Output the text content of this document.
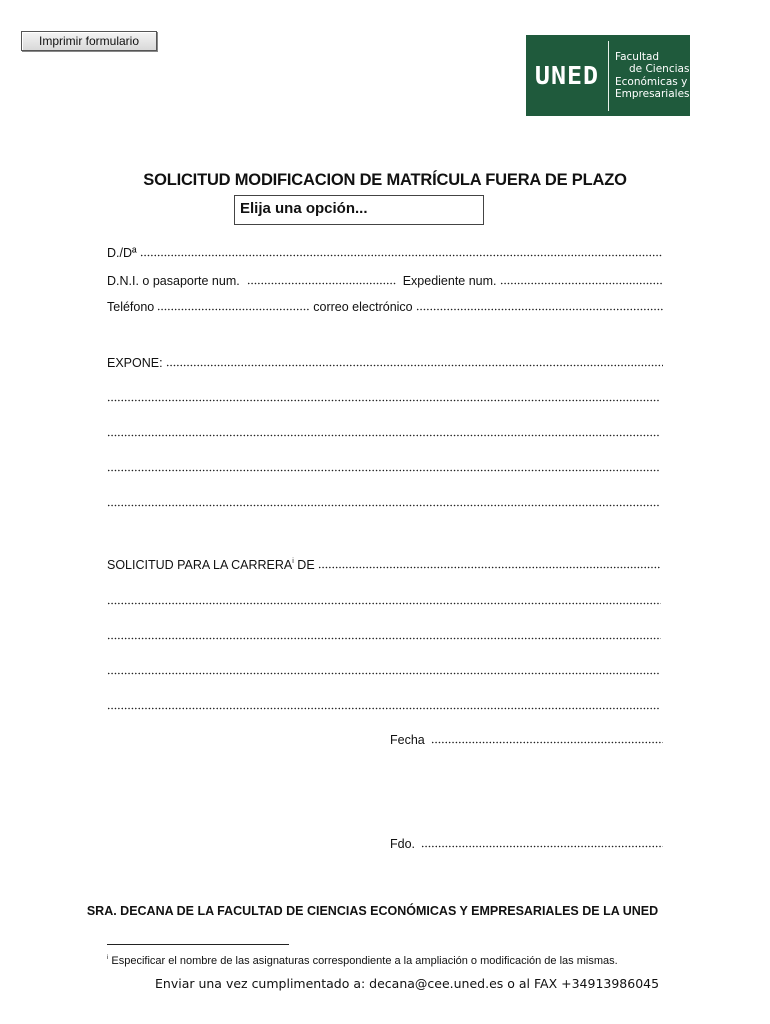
Imprimir formulario
UNED
Facultad
de Ciencias
Económicas y
Empresariales
SOLICITUD MODIFICACION DE MATRÍCULA FUERA DE PLAZO
Elija una opción...
D./Dª
D.N.I. o pasaporte num.	Expediente num.
Teléfono	correo electrónico
EXPONE:
SOLICITUD PARA LA CARRERA$^i$ DE
Fecha
Fdo.

SRA. DECANA DE LA FACULTAD DE CIENCIAS ECONÓMICAS Y EMPRESARIALES DE LA UNED

$^i$ Especificar el nombre de las asignaturas correspondiente a la ampliación o modificación de las mismas.
Enviar una vez cumplimentado a: decana@cee.uned.es o al FAX +34913986045
